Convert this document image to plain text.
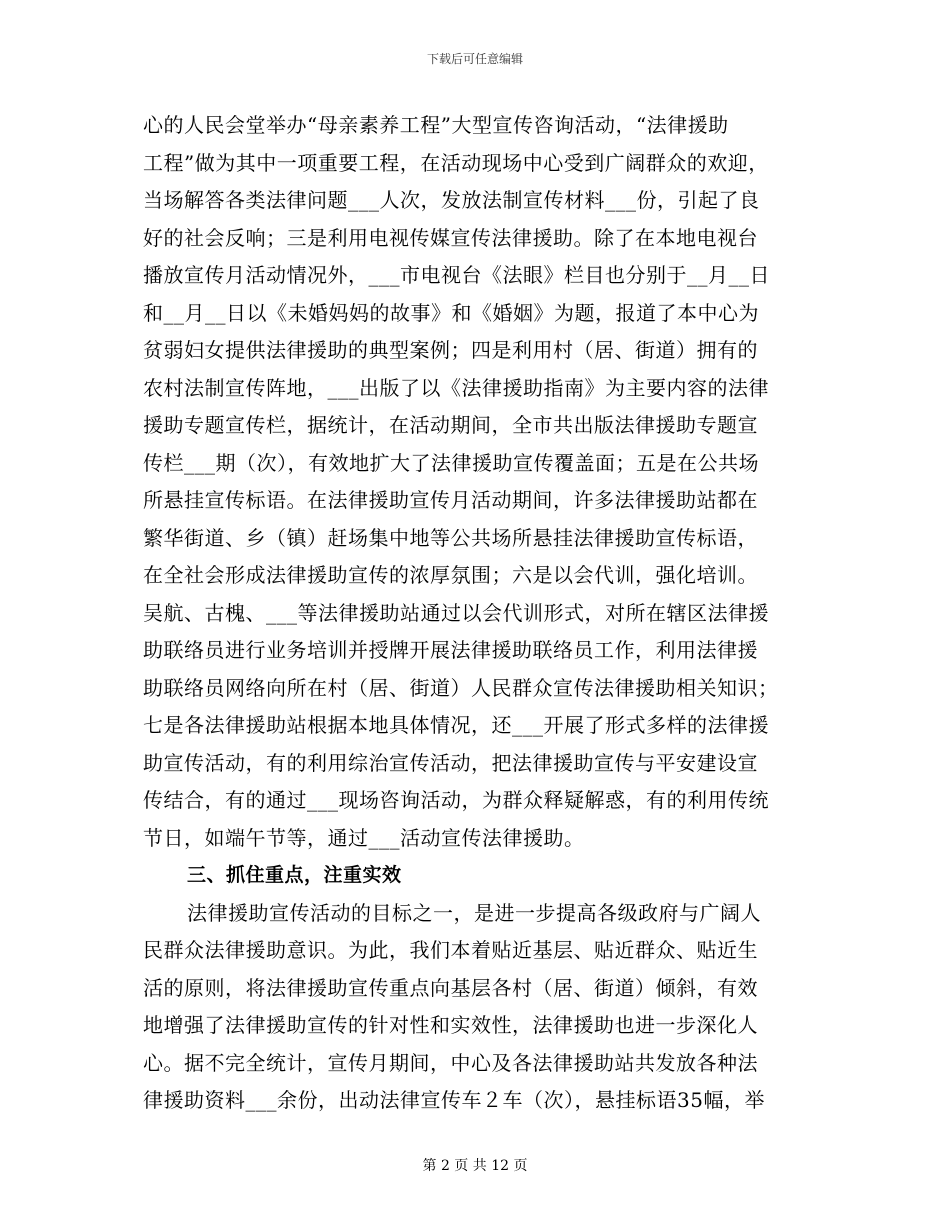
下载后可任意编辑
心的人民会堂举办“母亲素养工程”大型宣传咨询活动，“法律援助
工程”做为其中一项重要工程，在活动现场中心受到广阔群众的欢迎，
当场解答各类法律问题___人次，发放法制宣传材料___份，引起了良
好的社会反响；三是利用电视传媒宣传法律援助。除了在本地电视台
播放宣传月活动情况外，___市电视台《法眼》栏目也分别于__月__日
和__月__日以《未婚妈妈的故事》和《婚姻》为题，报道了本中心为
贫弱妇女提供法律援助的典型案例；四是利用村（居、街道）拥有的
农村法制宣传阵地，___出版了以《法律援助指南》为主要内容的法律
援助专题宣传栏，据统计，在活动期间，全市共出版法律援助专题宣
传栏___期（次），有效地扩大了法律援助宣传覆盖面；五是在公共场
所悬挂宣传标语。在法律援助宣传月活动期间，许多法律援助站都在
繁华街道、乡（镇）赶场集中地等公共场所悬挂法律援助宣传标语，
在全社会形成法律援助宣传的浓厚氛围；六是以会代训，强化培训。
吴航、古槐、___等法律援助站通过以会代训形式，对所在辖区法律援
助联络员进行业务培训并授牌开展法律援助联络员工作，利用法律援
助联络员网络向所在村（居、街道）人民群众宣传法律援助相关知识；
七是各法律援助站根据本地具体情况，还___开展了形式多样的法律援
助宣传活动，有的利用综治宣传活动，把法律援助宣传与平安建设宣
传结合，有的通过___现场咨询活动，为群众释疑解惑，有的利用传统
节日，如端午节等，通过___活动宣传法律援助。
三、抓住重点，注重实效
法律援助宣传活动的目标之一，是进一步提高各级政府与广阔人
民群众法律援助意识。为此，我们本着贴近基层、贴近群众、贴近生
活的原则，将法律援助宣传重点向基层各村（居、街道）倾斜，有效
地增强了法律援助宣传的针对性和实效性，法律援助也进一步深化人
心。据不完全统计，宣传月期间，中心及各法律援助站共发放各种法
律援助资料___余份，出动法律宣传车２车（次），悬挂标语35幅，举
第 2 页 共 12 页
